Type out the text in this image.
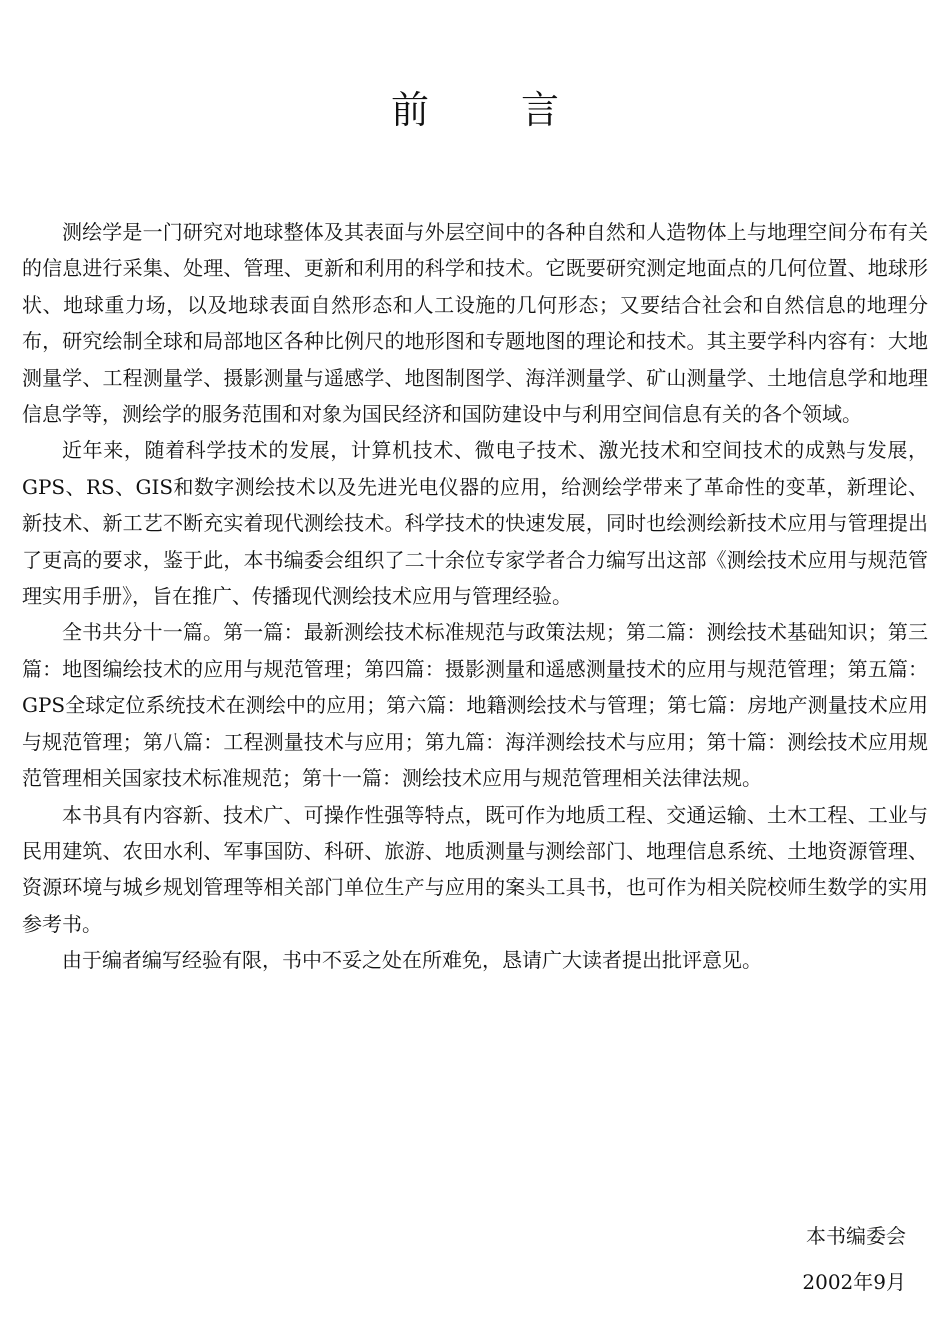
前 言

测绘学是一门研究对地球整体及其表面与外层空间中的各种自然和人造物体上与地理空间分布有关的信息进行采集、处理、管理、更新和利用的科学和技术。它既要研究测定地面点的几何位置、地球形状、地球重力场，以及地球表面自然形态和人工设施的几何形态；又要结合社会和自然信息的地理分布，研究绘制全球和局部地区各种比例尺的地形图和专题地图的理论和技术。其主要学科内容有：大地测量学、工程测量学、摄影测量与遥感学、地图制图学、海洋测量学、矿山测量学、土地信息学和地理信息学等，测绘学的服务范围和对象为国民经济和国防建设中与利用空间信息有关的各个领域。

近年来，随着科学技术的发展，计算机技术、微电子技术、激光技术和空间技术的成熟与发展，GPS、RS、GIS和数字测绘技术以及先进光电仪器的应用，给测绘学带来了革命性的变革，新理论、新技术、新工艺不断充实着现代测绘技术。科学技术的快速发展，同时也绘测绘新技术应用与管理提出了更高的要求，鉴于此，本书编委会组织了二十余位专家学者合力编写出这部《测绘技术应用与规范管理实用手册》，旨在推广、传播现代测绘技术应用与管理经验。

全书共分十一篇。第一篇：最新测绘技术标准规范与政策法规；第二篇：测绘技术基础知识；第三篇：地图编绘技术的应用与规范管理；第四篇：摄影测量和遥感测量技术的应用与规范管理；第五篇：GPS全球定位系统技术在测绘中的应用；第六篇：地籍测绘技术与管理；第七篇：房地产测量技术应用与规范管理；第八篇：工程测量技术与应用；第九篇：海洋测绘技术与应用；第十篇：测绘技术应用规范管理相关国家技术标准规范；第十一篇：测绘技术应用与规范管理相关法律法规。

本书具有内容新、技术广、可操作性强等特点，既可作为地质工程、交通运输、土木工程、工业与民用建筑、农田水利、军事国防、科研、旅游、地质测量与测绘部门、地理信息系统、土地资源管理、资源环境与城乡规划管理等相关部门单位生产与应用的案头工具书，也可作为相关院校师生数学的实用参考书。

由于编者编写经验有限，书中不妥之处在所难免，恳请广大读者提出批评意见。

本书编委会
2002年9月
